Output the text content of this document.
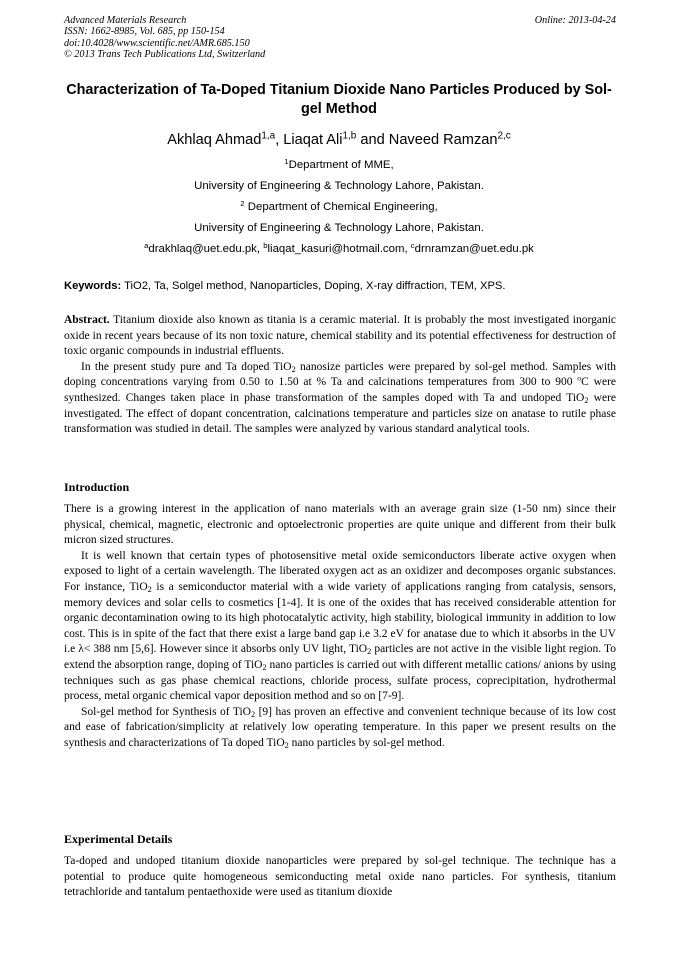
Advanced Materials Research	Online: 2013-04-24
ISSN: 1662-8985, Vol. 685, pp 150-154
doi:10.4028/www.scientific.net/AMR.685.150
© 2013 Trans Tech Publications Ltd, Switzerland
Characterization of Ta-Doped Titanium Dioxide Nano Particles Produced by Sol-gel Method
Akhlaq Ahmad$^{1,a}$, Liaqat Ali$^{1,b}$ and Naveed Ramzan$^{2,c}$
$^1$Department of MME,
University of Engineering & Technology Lahore, Pakistan.
$^2$ Department of Chemical Engineering,
University of Engineering & Technology Lahore, Pakistan.
$^a$drakhlaq@uet.edu.pk, $^b$liaqat_kasuri@hotmail.com, $^c$drnramzan@uet.edu.pk
Keywords: TiO2, Ta, Solgel method, Nanoparticles, Doping, X-ray diffraction, TEM, XPS.

Abstract. Titanium dioxide also known as titania is a ceramic material. It is probably the most investigated inorganic oxide in recent years because of its non toxic nature, chemical stability and its potential effectiveness for destruction of toxic organic compounds in industrial effluents.

In the present study pure and Ta doped TiO$_2$ nanosize particles were prepared by sol-gel method. Samples with doping concentrations varying from 0.50 to 1.50 at % Ta and calcinations temperatures from 300 to 900 $^o$C were synthesized. Changes taken place in phase transformation of the samples doped with Ta and undoped TiO$_2$ were investigated. The effect of dopant concentration, calcinations temperature and particles size on anatase to rutile phase transformation was studied in detail. The samples were analyzed by various standard analytical tools.

Introduction

There is a growing interest in the application of nano materials with an average grain size (1-50 nm) since their physical, chemical, magnetic, electronic and optoelectronic properties are quite unique and different from their bulk micron sized structures.

It is well known that certain types of photosensitive metal oxide semiconductors liberate active oxygen when exposed to light of a certain wavelength. The liberated oxygen act as an oxidizer and decomposes organic substances. For instance, TiO$_2$ is a semiconductor material with a wide variety of applications ranging from catalysis, sensors, memory devices and solar cells to cosmetics [1-4]. It is one of the oxides that has received considerable attention for organic decontamination owing to its high photocatalytic activity, high stability, biological immunity in addition to low cost. This is in spite of the fact that there exist a large band gap i.e 3.2 eV for anatase due to which it absorbs in the UV i.e λ< 388 nm [5,6]. However since it absorbs only UV light, TiO$_2$ particles are not active in the visible light region. To extend the absorption range, doping of TiO$_2$ nano particles is carried out with different metallic cations/ anions by using techniques such as gas phase chemical reactions, chloride process, sulfate process, coprecipitation, hydrothermal process, metal organic chemical vapor deposition method and so on [7-9].

Sol-gel method for Synthesis of TiO$_2$ [9] has proven an effective and convenient technique because of its low cost and ease of fabrication/simplicity at relatively low operating temperature. In this paper we present results on the synthesis and characterizations of Ta doped TiO$_2$ nano particles by sol-gel method.

Experimental Details

Ta-doped and undoped titanium dioxide nanoparticles were prepared by sol-gel technique. The technique has a potential to produce quite homogeneous semiconducting metal oxide nano particles. For synthesis, titanium tetrachloride and tantalum pentaethoxide were used as titanium dioxide
